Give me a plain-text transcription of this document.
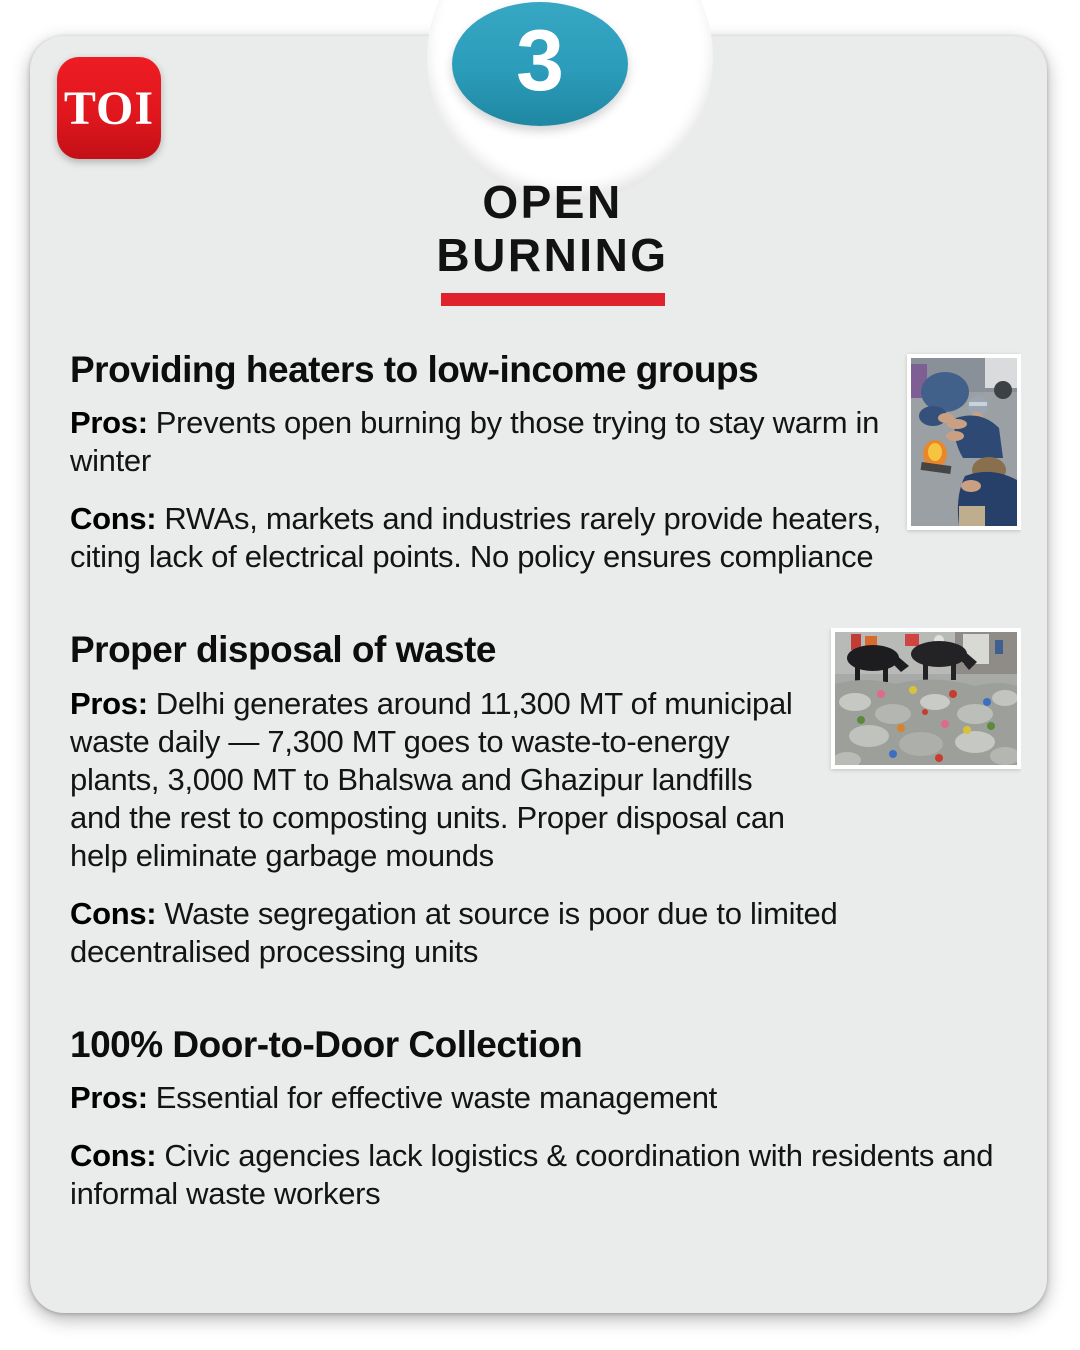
3
TOI
OPEN
BURNING
Providing heaters to low-income groups

Pros: Prevents open burning by those trying to stay warm in winter

Cons: RWAs, markets and industries rarely provide heaters, citing lack of electrical points. No policy ensures compliance

Proper disposal of waste

Pros: Delhi generates around 11,300 MT of municipal waste daily — 7,300 MT goes to waste-to-energy plants, 3,000 MT to Bhalswa and Ghazipur landfills and the rest to composting units. Proper disposal can help eliminate garbage mounds

Cons: Waste segregation at source is poor due to limited decentralised processing units

100% Door-to-Door Collection

Pros: Essential for effective waste management

Cons: Civic agencies lack logistics & coordination with residents and informal waste workers
